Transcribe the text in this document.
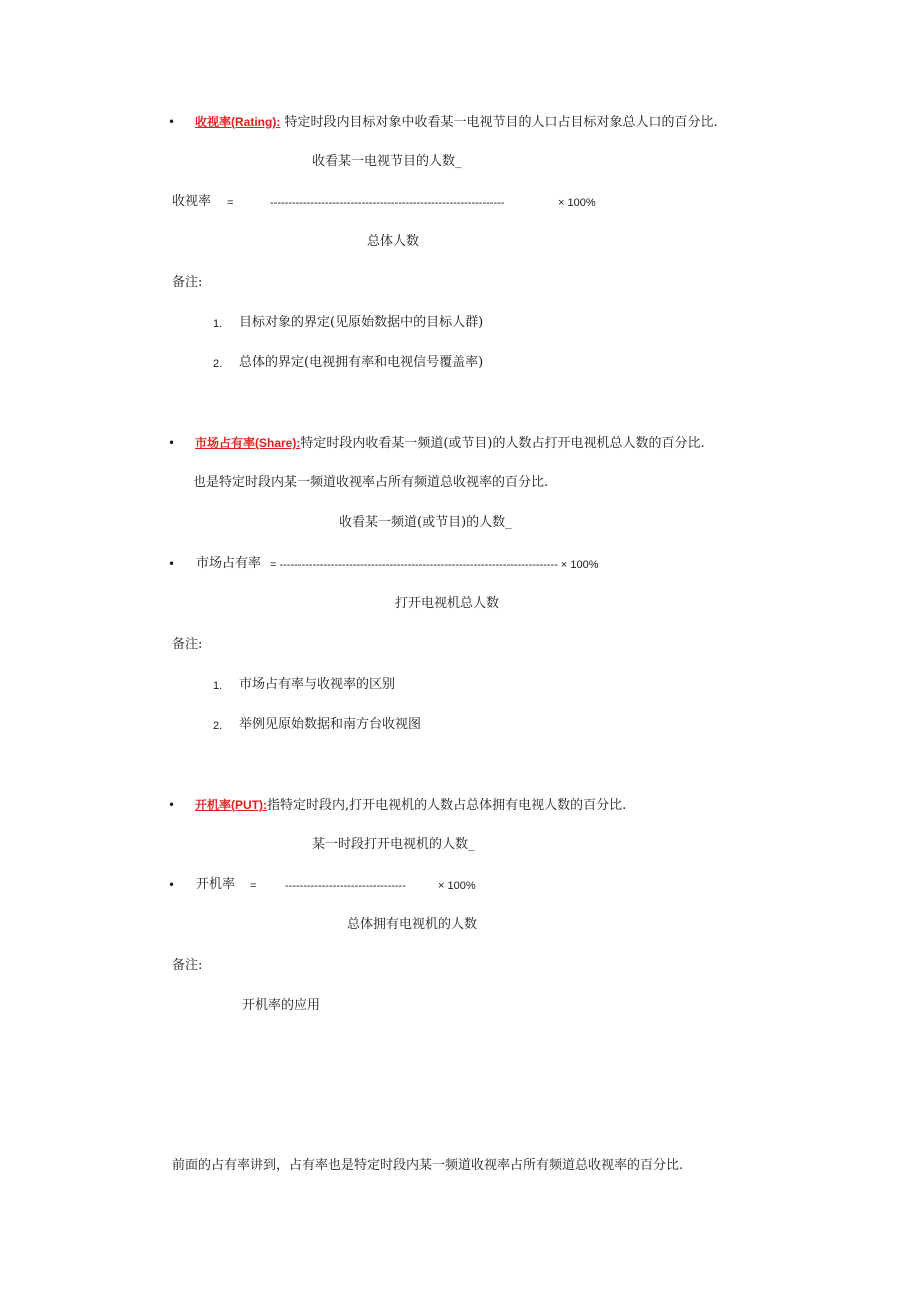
• 收视率(Rating): 特定时段内目标对象中收看某一电视节目的人口占目标对象总人口的百分比.
收看某一电视节目的人数_
收视率 =	----------------------------------------------------------------	× 100%
总体人数
备注:
1. 目标对象的界定(见原始数据中的目标人群)
2. 总体的界定(电视拥有率和电视信号覆盖率)
• 市场占有率(Share):特定时段内收看某一频道(或节目)的人数占打开电视机总人数的百分比.
也是特定时段内某一频道收视率占所有频道总收视率的百分比.
收看某一频道(或节目)的人数_
• 市场占有率 = ---------------------------------------------------------------------------- × 100%
打开电视机总人数
备注:
1. 市场占有率与收视率的区别
2. 举例见原始数据和南方台收视图
• 开机率(PUT):指特定时段内,打开电视机的人数占总体拥有电视人数的百分比.
某一时段打开电视机的人数_
• 开机率 =	---------------------------------	× 100%
总体拥有电视机的人数
备注:
开机率的应用
前面的占有率讲到，占有率也是特定时段内某一频道收视率占所有频道总收视率的百分比.
